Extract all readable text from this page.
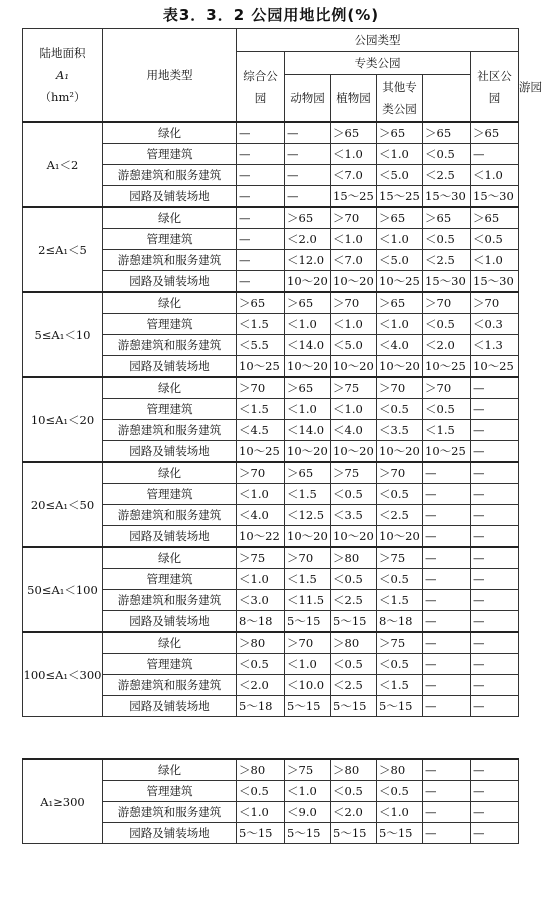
表3．3．2 公园用地比例(%)
陆地面积
A₁
（hm²）	用地类型	公园类型						
		综合公园	专类公园				社区公园	游园
			动物园	植物园	其他专类公园			
A₁＜2	绿化	—	—	＞65	＞65	＞65	＞65	
	管理建筑	—	—	＜1.0	＜1.0	＜0.5	—	
	游憩建筑和服务建筑	—	—	＜7.0	＜5.0	＜2.5	＜1.0	
	园路及铺装场地	—	—	15～25	15～25	15～30	15～30	
2≤A₁＜5	绿化	—	＞65	＞70	＞65	＞65	＞65	
	管理建筑	—	＜2.0	＜1.0	＜1.0	＜0.5	＜0.5	
	游憩建筑和服务建筑	—	＜12.0	＜7.0	＜5.0	＜2.5	＜1.0	
	园路及铺装场地	—	10～20	10～20	10～25	15～30	15～30	
5≤A₁＜10	绿化	＞65	＞65	＞70	＞65	＞70	＞70	
	管理建筑	＜1.5	＜1.0	＜1.0	＜1.0	＜0.5	＜0.3	
	游憩建筑和服务建筑	＜5.5	＜14.0	＜5.0	＜4.0	＜2.0	＜1.3	
	园路及铺装场地	10～25	10～20	10～20	10～20	10～25	10～25	
10≤A₁＜20	绿化	＞70	＞65	＞75	＞70	＞70	—	
	管理建筑	＜1.5	＜1.0	＜1.0	＜0.5	＜0.5	—	
	游憩建筑和服务建筑	＜4.5	＜14.0	＜4.0	＜3.5	＜1.5	—	
	园路及铺装场地	10～25	10～20	10～20	10～20	10～25	—	
20≤A₁＜50	绿化	＞70	＞65	＞75	＞70	—	—	
	管理建筑	＜1.0	＜1.5	＜0.5	＜0.5	—	—	
	游憩建筑和服务建筑	＜4.0	＜12.5	＜3.5	＜2.5	—	—	
	园路及铺装场地	10～22	10～20	10～20	10～20	—	—	
50≤A₁＜100	绿化	＞75	＞70	＞80	＞75	—	—	
	管理建筑	＜1.0	＜1.5	＜0.5	＜0.5	—	—	
	游憩建筑和服务建筑	＜3.0	＜11.5	＜2.5	＜1.5	—	—	
	园路及铺装场地	8～18	5～15	5～15	8～18	—	—	
100≤A₁＜300	绿化	＞80	＞70	＞80	＞75	—	—	
	管理建筑	＜0.5	＜1.0	＜0.5	＜0.5	—	—	
	游憩建筑和服务建筑	＜2.0	＜10.0	＜2.5	＜1.5	—	—	
	园路及铺装场地	5～18	5～15	5～15	5～15	—	—	
A₁≥300	绿化	＞80	＞75	＞80	＞80	—	—
	管理建筑	＜0.5	＜1.0	＜0.5	＜0.5	—	—
	游憩建筑和服务建筑	＜1.0	＜9.0	＜2.0	＜1.0	—	—
	园路及铺装场地	5～15	5～15	5～15	5～15	—	—
